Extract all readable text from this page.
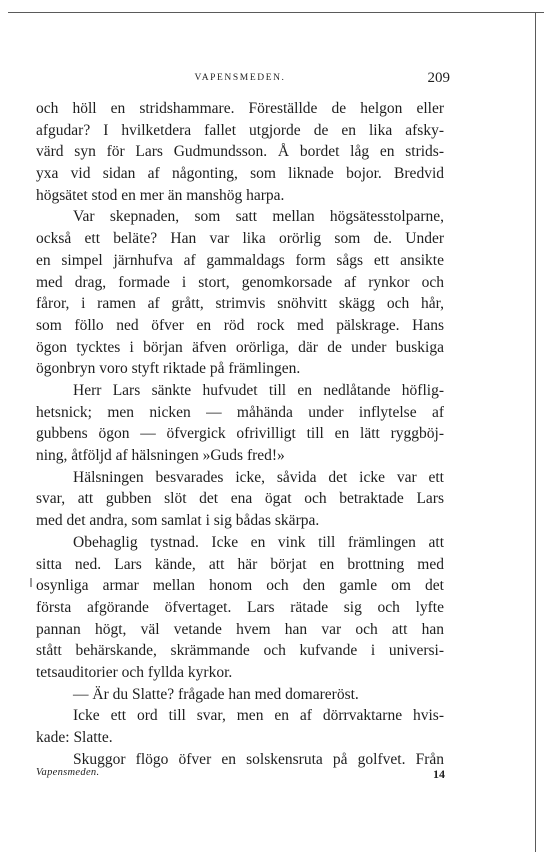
VAPENSMEDEN.	209
och höll en stridshammare. Föreställde de helgon eller
afgudar? I hvilketdera fallet utgjorde de en lika afsky-
värd syn för Lars Gudmundsson. Å bordet låg en strids-
yxa vid sidan af någonting, som liknade bojor. Bredvid
högsätet stod en mer än manshög harpa.
Var skepnaden, som satt mellan högsätesstolparne,
också ett beläte? Han var lika orörlig som de. Under
en simpel järnhufva af gammaldags form sågs ett ansikte
med drag, formade i stort, genomkorsade af rynkor och
fåror, i ramen af grått, strimvis snöhvitt skägg och hår,
som föllo ned öfver en röd rock med pälskrage. Hans
ögon tycktes i början äfven orörliga, där de under buskiga
ögonbryn voro styft riktade på främlingen.
Herr Lars sänkte hufvudet till en nedlåtande höflig-
hetsnick; men nicken — måhända under inflytelse af
gubbens ögon — öfvergick ofrivilligt till en lätt ryggböj-
ning, åtföljd af hälsningen »Guds fred!»
Hälsningen besvarades icke, såvida det icke var ett
svar, att gubben slöt det ena ögat och betraktade Lars
med det andra, som samlat i sig bådas skärpa.
Obehaglig tystnad. Icke en vink till främlingen att
sitta ned. Lars kände, att här börjat en brottning med
osynliga armar mellan honom och den gamle om det
första afgörande öfvertaget. Lars rätade sig och lyfte
pannan högt, väl vetande hvem han var och att han
stått behärskande, skrämmande och kufvande i universi-
tetsauditorier och fyllda kyrkor.
— Är du Slatte? frågade han med domareröst.
Icke ett ord till svar, men en af dörrvaktarne hvis-
kade: Slatte.
Skuggor flögo öfver en solskensruta på golfvet. Från
Vapensmeden.	14
